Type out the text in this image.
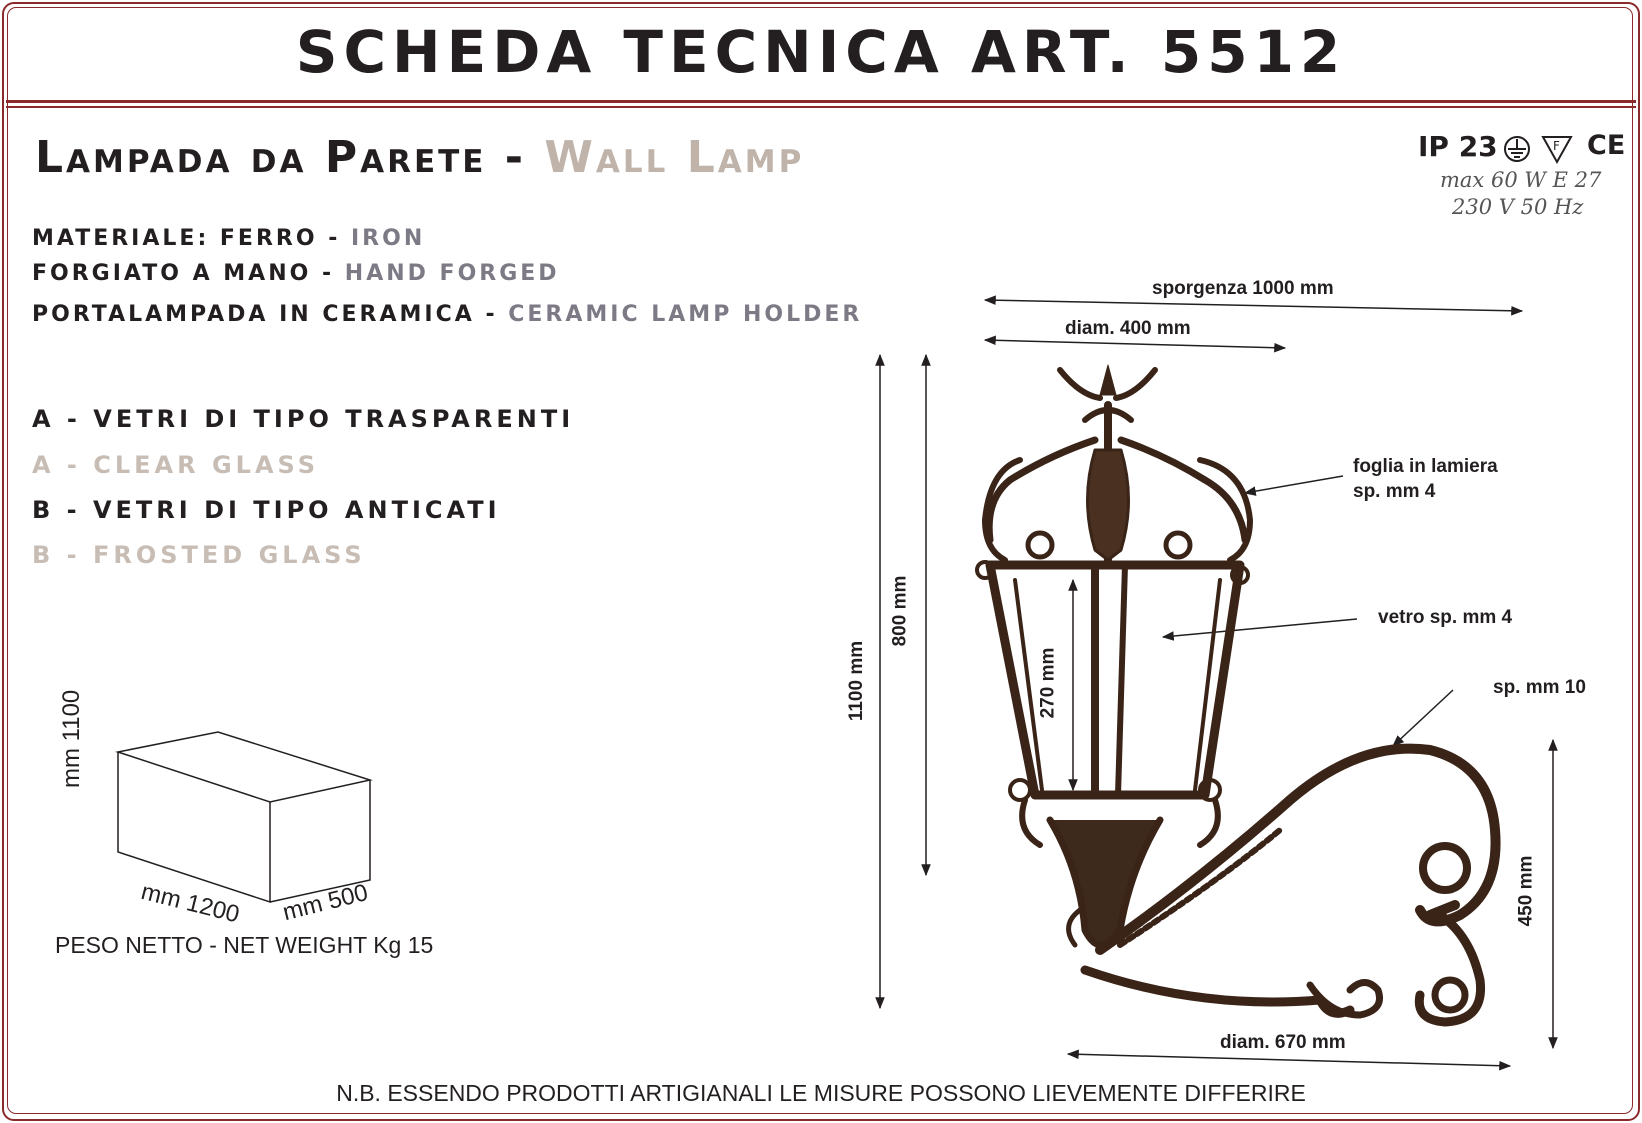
SCHEDA TECNICA ART. 5512
Lampada da Parete - Wall Lamp
MATERIALE: FERRO - IRON
FORGIATO A MANO - HAND FORGED
PORTALAMPADA IN CERAMICA - CERAMIC LAMP HOLDER
A - VETRI DI TIPO TRASPARENTI
A - CLEAR GLASS
B - VETRI DI TIPO ANTICATI
B - FROSTED GLASS
IP 23	F CE
max 60 W E 27
230 V 50 Hz
sporgenza 1000 mm
diam. 400 mm
foglia in lamiera
sp. mm 4
vetro sp. mm 4
sp. mm 10
1100 mm
800 mm
270 mm
450 mm
diam. 670 mm
mm 1100
mm 1200 mm 500
PESO NETTO - NET WEIGHT Kg 15
N.B. ESSENDO PRODOTTI ARTIGIANALI LE MISURE POSSONO LIEVEMENTE DIFFERIRE
